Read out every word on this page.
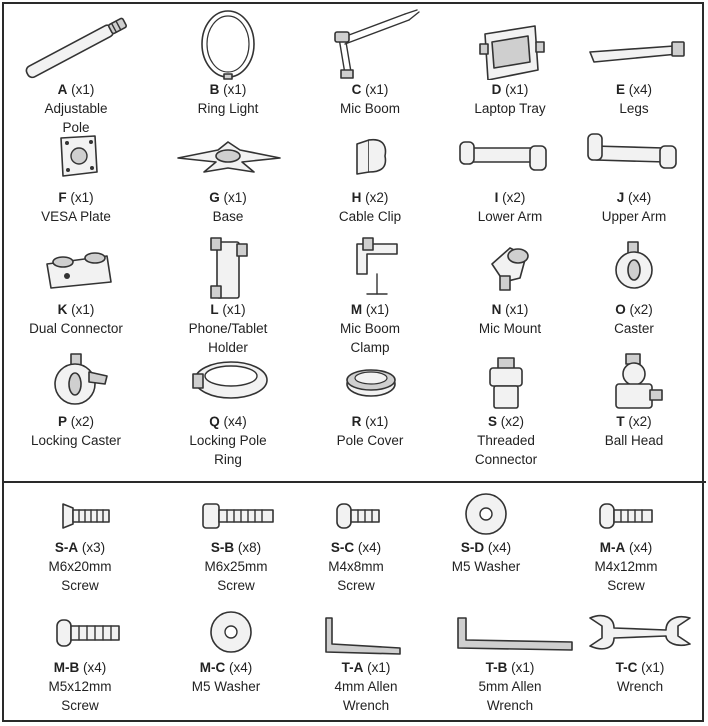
A (x1)
Adjustable
Pole
B (x1)
Ring Light
C (x1)
Mic Boom
D (x1)
Laptop Tray
E (x4)
Legs
F (x1)
VESA Plate
G (x1)
Base
H (x2)
Cable Clip
I (x2)
Lower Arm
J (x4)
Upper Arm
K (x1)
Dual Connector
L (x1)
Phone/Tablet
Holder
M (x1)
Mic Boom
Clamp
N (x1)
Mic Mount
O (x2)
Caster
P (x2)
Locking Caster
Q (x4)
Locking Pole
Ring
R (x1)
Pole Cover
S (x2)
Threaded
Connector
T (x2)
Ball Head
S-A (x3)
M6x20mm
Screw
S-B (x8)
M6x25mm
Screw
S-C (x4)
M4x8mm
Screw
S-D (x4)
M5 Washer
M-A (x4)
M4x12mm
Screw
M-B (x4)
M5x12mm
Screw
M-C (x4)
M5 Washer
T-A (x1)
4mm Allen
Wrench
T-B (x1)
5mm Allen
Wrench
T-C (x1)
Wrench
